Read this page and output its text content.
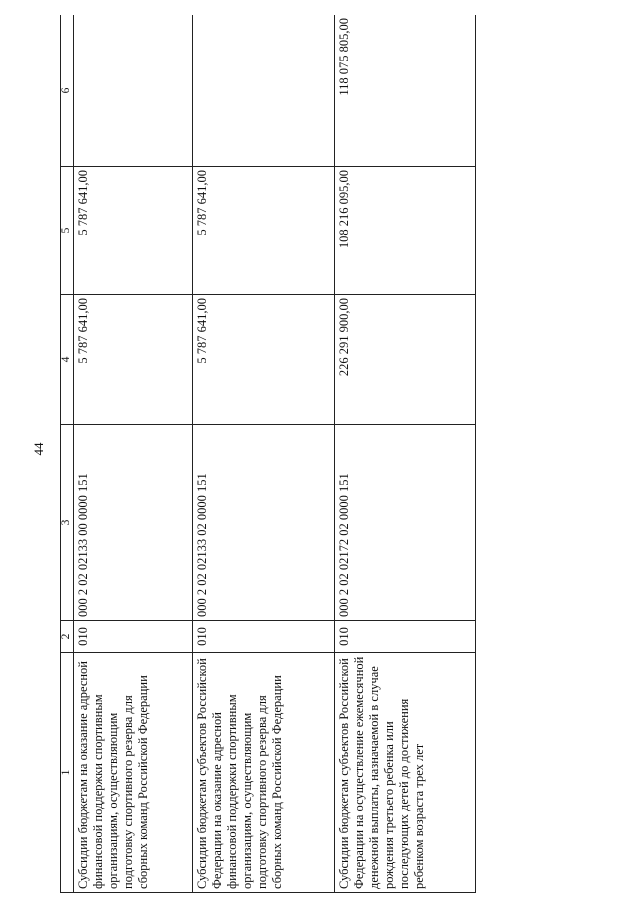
44
1	2	3	4	5	6
Субсидии бюджетам на оказание адресной финансовой поддержки спортивным организациям, осуществляющим подготовку спортивного резерва для сборных команд Российской Федерации	010	000 2 02 02133 00 0000 151	5 787 641,00	5 787 641,00	
Субсидии бюджетам субъектов Российской Федерации на оказание адресной финансовой поддержки спортивным организациям, осуществляющим подготовку спортивного резерва для сборных команд Российской Федерации	010	000 2 02 02133 02 0000 151	5 787 641,00	5 787 641,00	
Субсидии бюджетам субъектов Российской Федерации на осуществление ежемесячной денежной выплаты, назначаемой в случае рождения третьего ребенка или последующих детей до достижения ребенком возраста трех лет	010	000 2 02 02172 02 0000 151	226 291 900,00	108 216 095,00	118 075 805,00
